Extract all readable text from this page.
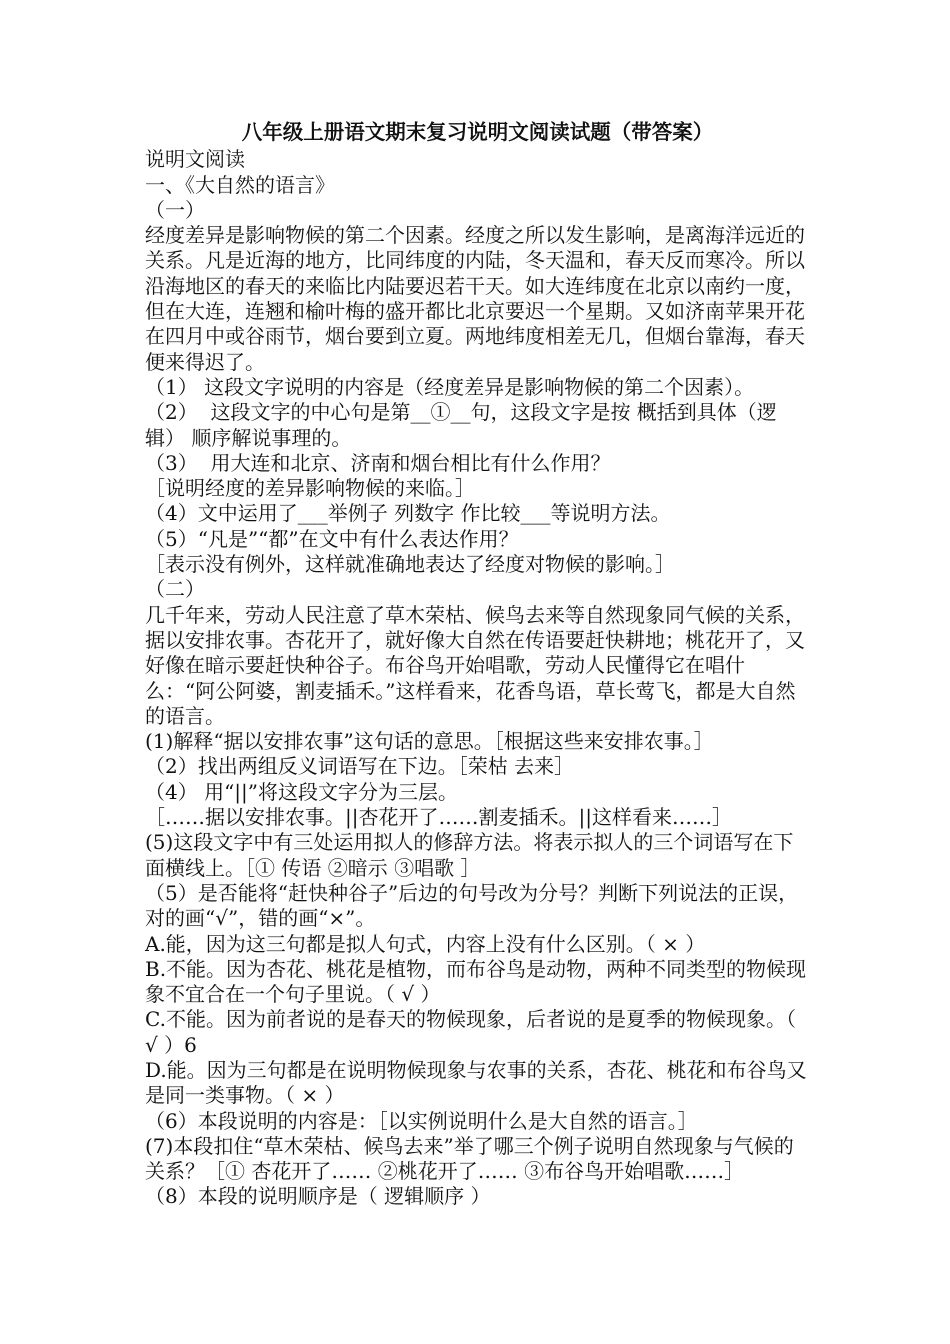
八年级上册语文期末复习说明文阅读试题（带答案）
说明文阅读
一、《大自然的语言》
（一）
经度差异是影响物候的第二个因素。经度之所以发生影响，是离海洋远近的关系。凡是近海的地方，比同纬度的内陆，冬天温和，春天反而寒冷。所以沿海地区的春天的来临比内陆要迟若干天。如大连纬度在北京以南约一度，但在大连，连翘和榆叶梅的盛开都比北京要迟一个星期。又如济南苹果开花在四月中或谷雨节，烟台要到立夏。两地纬度相差无几，但烟台靠海，春天便来得迟了。
（1） 这段文字说明的内容是（经度差异是影响物候的第二个因素）。
（2）  这段文字的中心句是第__①__句，这段文字是按 概括到具体（逻辑） 顺序解说事理的。
（3）  用大连和北京、济南和烟台相比有什么作用？
［说明经度的差异影响物候的来临。］
（4）文中运用了___举例子 列数字 作比较___等说明方法。
（5）“凡是”“都”在文中有什么表达作用？
［表示没有例外，这样就准确地表达了经度对物候的影响。］
（二）
几千年来，劳动人民注意了草木荣枯、候鸟去来等自然现象同气候的关系，据以安排农事。杏花开了，就好像大自然在传语要赶快耕地；桃花开了，又好像在暗示要赶快种谷子。布谷鸟开始唱歌，劳动人民懂得它在唱什么：“阿公阿婆，割麦插禾。”这样看来，花香鸟语，草长莺飞，都是大自然的语言。
(1)解释“据以安排农事”这句话的意思。［根据这些来安排农事。］
（2）找出两组反义词语写在下边。［荣枯 去来］
（4） 用“||”将这段文字分为三层。
［……据以安排农事。||杏花开了……割麦插禾。||这样看来……］
(5)这段文字中有三处运用拟人的修辞方法。将表示拟人的三个词语写在下面横线上。［① 传语 ②暗示 ③唱歌 ］
（5）是否能将“赶快种谷子”后边的句号改为分号？判断下列说法的正误，对的画“√”，错的画“×”。
A.能，因为这三句都是拟人句式，内容上没有什么区别。（ × ）
B.不能。因为杏花、桃花是植物，而布谷鸟是动物，两种不同类型的物候现象不宜合在一个句子里说。（ √ ）
C.不能。因为前者说的是春天的物候现象，后者说的是夏季的物候现象。（ √ ）6
D.能。因为三句都是在说明物候现象与农事的关系，杏花、桃花和布谷鸟又是同一类事物。（ × ）
（6）本段说明的内容是：［以实例说明什么是大自然的语言。］
(7)本段扣住“草木荣枯、候鸟去来”举了哪三个例子说明自然现象与气候的关系？［① 杏花开了…… ②桃花开了…… ③布谷鸟开始唱歌……］
（8）本段的说明顺序是（ 逻辑顺序 ）
